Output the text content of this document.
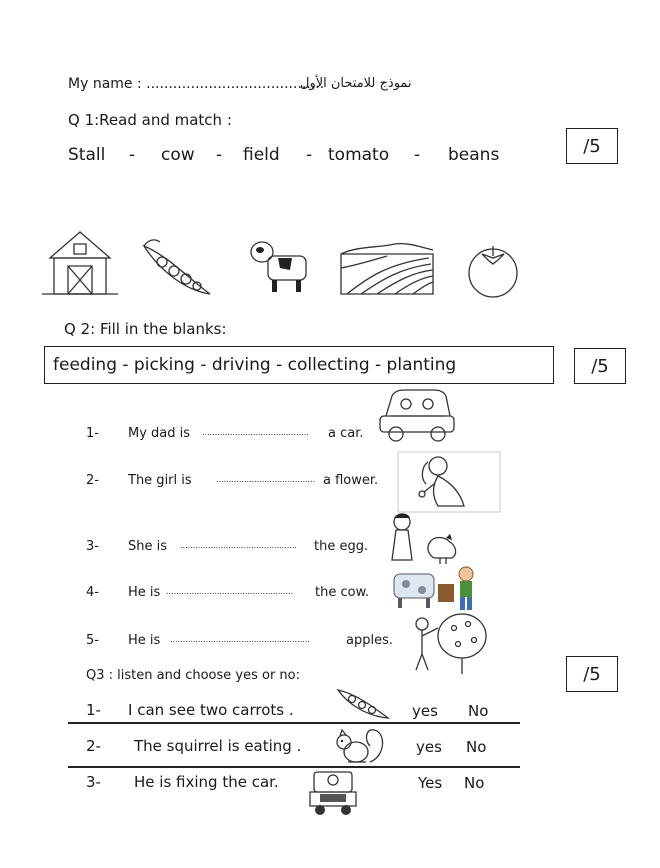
My name : ........................................
نموذج للامتحان الأول
Q 1:Read and match :
/5
Stall - cow - field - tomato - beans
Q 2: Fill in the blanks:
feeding - picking - driving - collecting - planting	/5
1- My dad is .......................................... a car.
2- The girl is	....................................... a flower.
3- She is .............................................. the egg.
4- He is .................................................. the cow.
5- He is .......................................................	apples.
Q3 : listen and choose yes or no:	/5
1- I can see two carrots .	yes No
2- The squirrel is eating .	yes No
3- He is fixing the car.	Yes No
